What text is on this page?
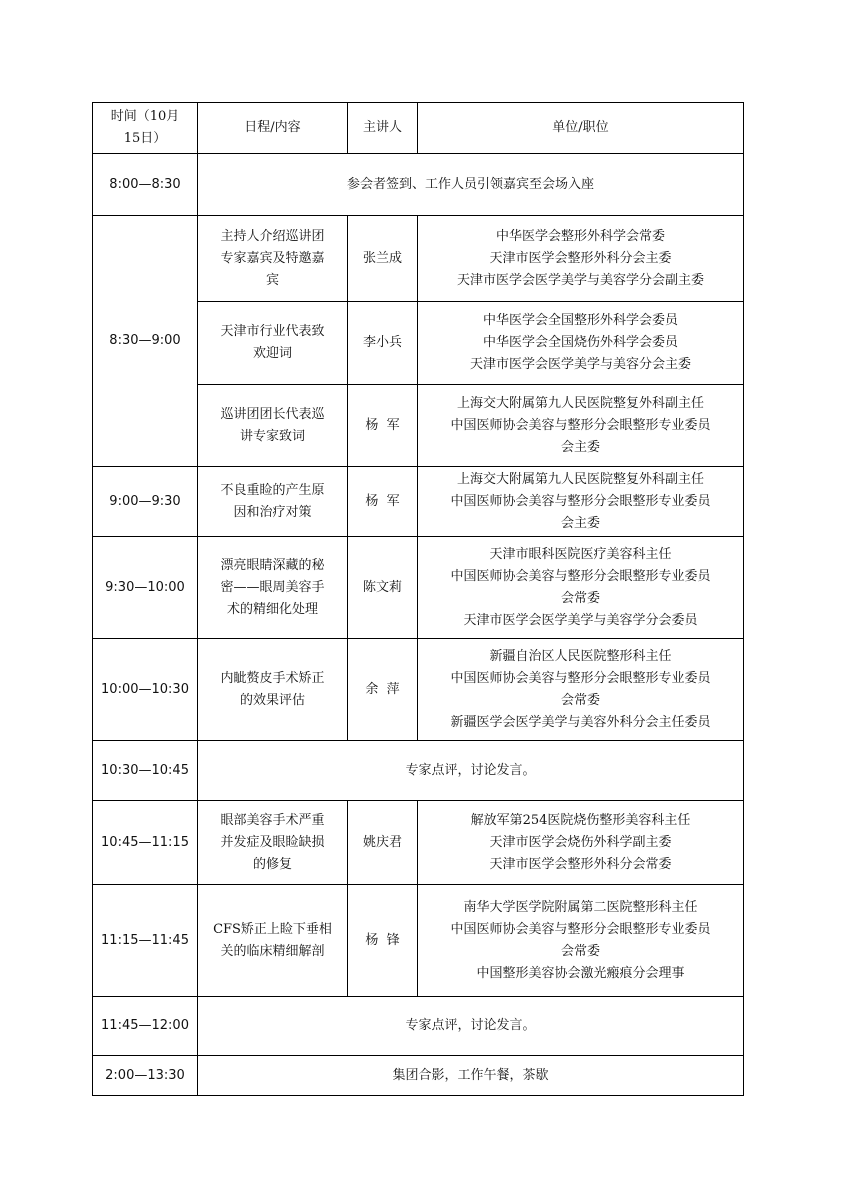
时间（10月
15日）	日程/内容	主讲人	单位/职位
8:00—8:30	参会者签到、工作人员引领嘉宾至会场入座		
8:30—9:00	主持人介绍巡讲团
专家嘉宾及特邀嘉
宾	张兰成	中华医学会整形外科学会常委
天津市医学会整形外科分会主委
天津市医学会医学美学与美容学分会副主委

	天津市行业代表致
欢迎词	李小兵	中华医学会全国整形外科学会委员
中华医学会全国烧伤外科学会委员
天津市医学会医学美学与美容分会主委

	巡讲团团长代表巡
讲专家致词	杨  军	上海交大附属第九人民医院整复外科副主任
中国医师协会美容与整形分会眼整形专业委员
会主委

9:00—9:30	不良重睑的产生原
因和治疗对策	杨  军	上海交大附属第九人民医院整复外科副主任
中国医师协会美容与整形分会眼整形专业委员
会主委

9:30—10:00	漂亮眼睛深藏的秘
密——眼周美容手
术的精细化处理	陈文莉	天津市眼科医院医疗美容科主任
中国医师协会美容与整形分会眼整形专业委员
会常委
天津市医学会医学美学与美容学分会委员

10:00—10:30	内眦赘皮手术矫正
的效果评估	余  萍	新疆自治区人民医院整形科主任
中国医师协会美容与整形分会眼整形专业委员
会常委
新疆医学会医学美学与美容外科分会主任委员

10:30—10:45	专家点评，讨论发言。		
10:45—11:15	眼部美容手术严重
并发症及眼睑缺损
的修复	姚庆君	解放军第254医院烧伤整形美容科主任
天津市医学会烧伤外科学副主委
天津市医学会整形外科分会常委

11:15—11:45	CFS矫正上睑下垂相
关的临床精细解剖	杨  锋	南华大学医学院附属第二医院整形科主任
中国医师协会美容与整形分会眼整形专业委员
会常委
中国整形美容协会激光瘢痕分会理事

11:45—12:00	专家点评，讨论发言。		
2:00—13:30	集团合影，工作午餐，茶歇		
